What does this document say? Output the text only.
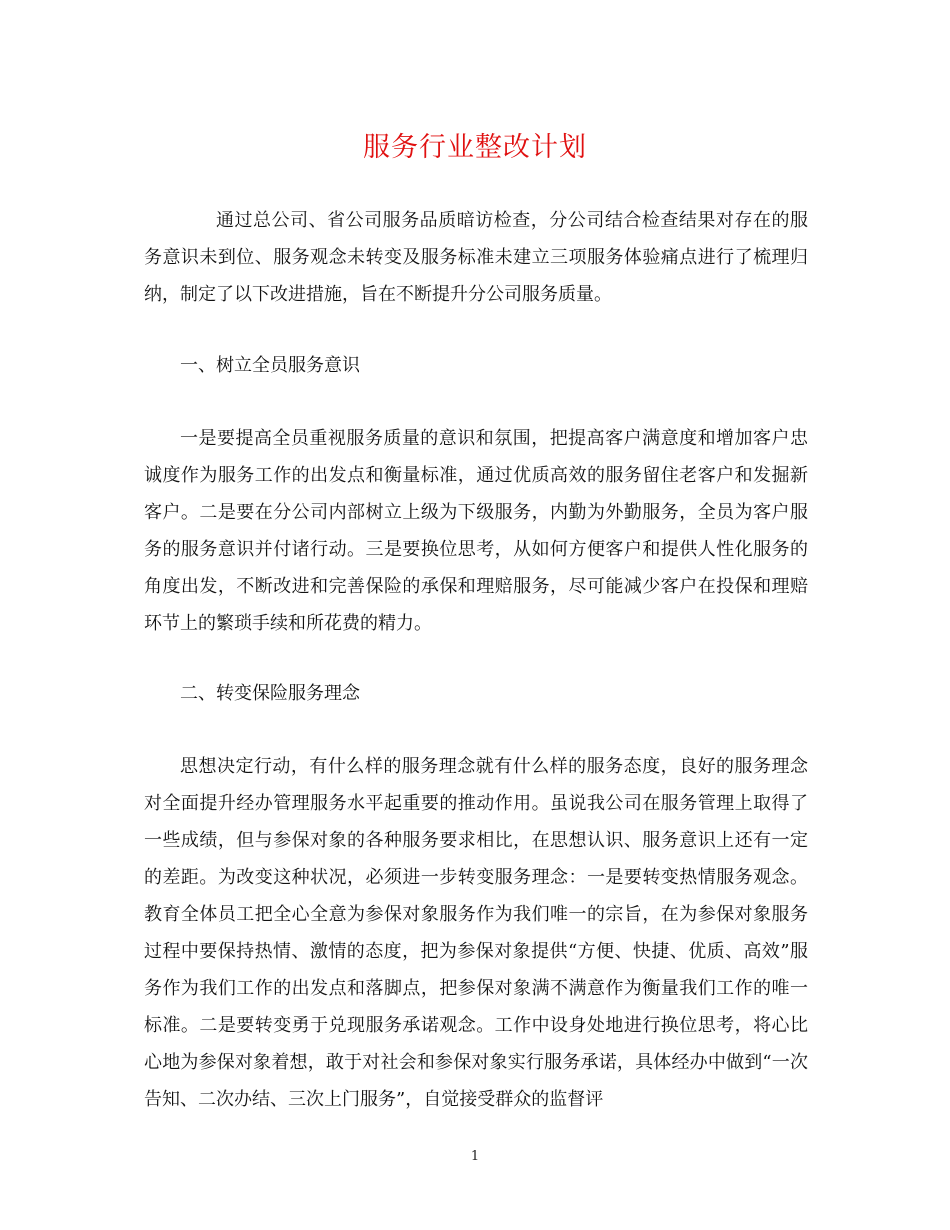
服务行业整改计划

通过总公司、省公司服务品质暗访检查，分公司结合检查结果对存在的服务意识未到位、服务观念未转变及服务标准未建立三项服务体验痛点进行了梳理归纳，制定了以下改进措施，旨在不断提升分公司服务质量。

一、树立全员服务意识

一是要提高全员重视服务质量的意识和氛围，把提高客户满意度和增加客户忠诚度作为服务工作的出发点和衡量标准，通过优质高效的服务留住老客户和发掘新客户。二是要在分公司内部树立上级为下级服务，内勤为外勤服务，全员为客户服务的服务意识并付诸行动。三是要换位思考，从如何方便客户和提供人性化服务的角度出发，不断改进和完善保险的承保和理赔服务，尽可能减少客户在投保和理赔环节上的繁琐手续和所花费的精力。

二、转变保险服务理念

思想决定行动，有什么样的服务理念就有什么样的服务态度，良好的服务理念对全面提升经办管理服务水平起重要的推动作用。虽说我公司在服务管理上取得了一些成绩，但与参保对象的各种服务要求相比，在思想认识、服务意识上还有一定的差距。为改变这种状况，必须进一步转变服务理念：一是要转变热情服务观念。教育全体员工把全心全意为参保对象服务作为我们唯一的宗旨，在为参保对象服务过程中要保持热情、激情的态度，把为参保对象提供“方便、快捷、优质、高效”服务作为我们工作的出发点和落脚点，把参保对象满不满意作为衡量我们工作的唯一标准。二是要转变勇于兑现服务承诺观念。工作中设身处地进行换位思考，将心比心地为参保对象着想，敢于对社会和参保对象实行服务承诺，具体经办中做到“一次告知、二次办结、三次上门服务”，自觉接受群众的监督评

1
